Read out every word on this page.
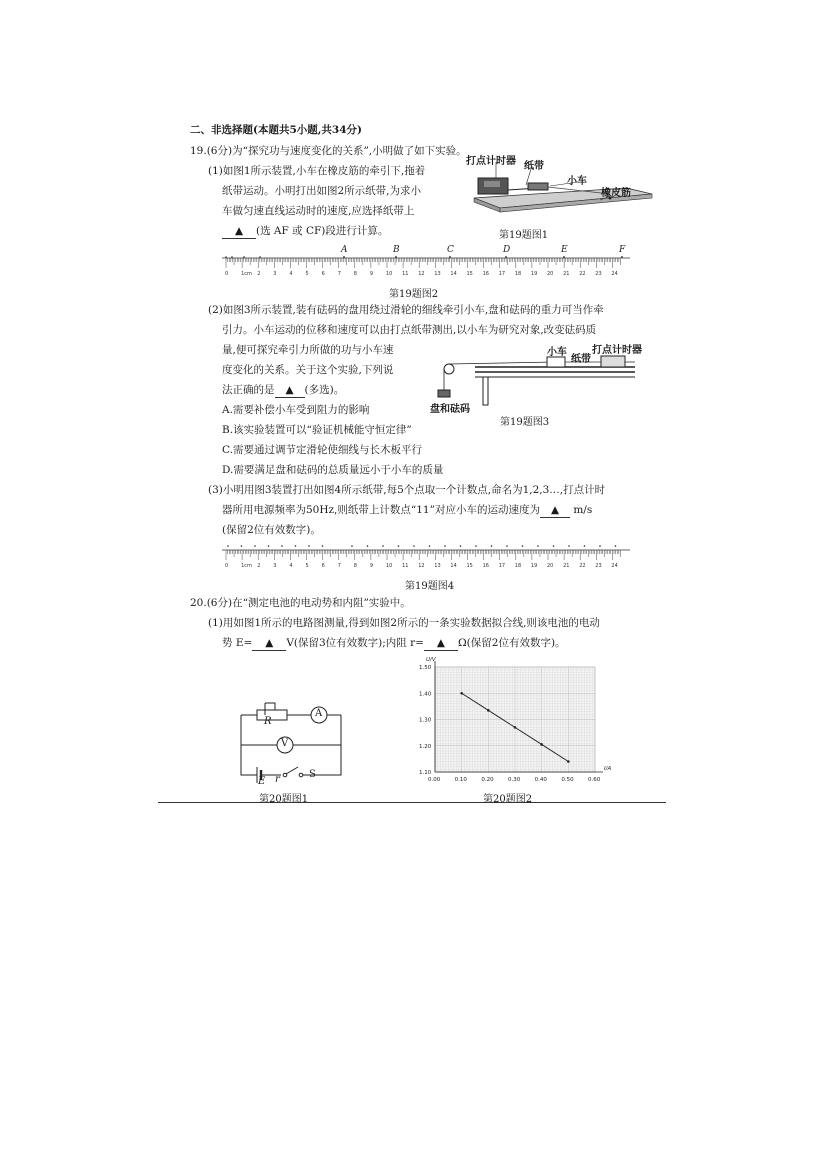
二、非选择题(本题共5小题,共34分)
19.(6分)为“探究功与速度变化的关系”,小明做了如下实验。
(1)如图1所示装置,小车在橡皮筋的牵引下,拖着
纸带运动。小明打出如图2所示纸带,为求小
车做匀速直线运动时的速度,应选择纸带上
▲ (选 AF 或 CF)段进行计算。
打点计时器 纸带
小车
橡皮筋
第19题图1
0	1cm 2	3	4	5	6	7	8	9	10 11 12 13 14 15 16 17 18 19 20 21 22 23 24
A	B	C	D	E	F
第19题图2
(2)如图3所示装置,装有砝码的盘用绕过滑轮的细线牵引小车,盘和砝码的重力可当作牵
引力。小车运动的位移和速度可以由打点纸带测出,以小车为研究对象,改变砝码质
量,便可探究牵引力所做的功与小车速
度变化的关系。关于这个实验,下列说
法正确的是 ▲ (多选)。
A.需要补偿小车受到阻力的影响
B.该实验装置可以“验证机械能守恒定律”
C.需要通过调节定滑轮使细线与长木板平行
D.需要满足盘和砝码的总质量远小于小车的质量
小车
纸带
打点计时器
盘和砝码
第19题图3
(3)小明用图3装置打出如图4所示纸带,每5个点取一个计数点,命名为1,2,3…,打点计时
器所用电源频率为50Hz,则纸带上计数点“11”对应小车的运动速度为 ▲ m/s
(保留2位有效数字)。
0	1cm 2	3	4	5	6	7	8	9	10 11 12 13 14 15 16 17 18 19 20 21 22 23 24
第19题图4
20.(6分)在“测定电池的电动势和内阻”实验中。
(1)用如图1所示的电路图测量,得到如图2所示的一条实验数据拟合线,则该电池的电动
势 E= ▲ V(保留3位有效数字);内阻 r= ▲ Ω(保留2位有效数字)。
R
A
V
E r	S
第20题图1
0.00	0.10	0.20	0.30	0.40	0.50	0.60
1.10
1.20
1.30
1.40
1.50
I/A
U/V
第20题图2
